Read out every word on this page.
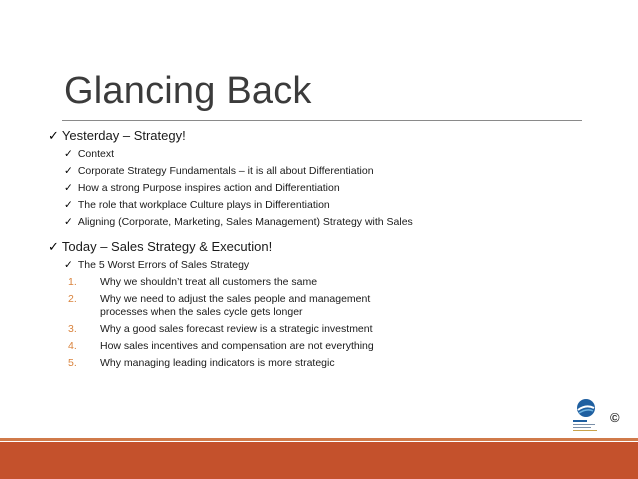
Glancing Back
✓ Yesterday – Strategy!
✓ Context
✓ Corporate Strategy Fundamentals – it is all about Differentiation
✓ How a strong Purpose inspires action and Differentiation
✓ The role that workplace Culture plays in Differentiation
✓ Aligning (Corporate, Marketing, Sales Management) Strategy with Sales
✓ Today – Sales Strategy & Execution!
✓ The 5 Worst Errors of Sales Strategy
1.	Why we shouldn’t treat all customers the same
2.	Why we need to adjust the sales people and management processes when the sales cycle gets longer
3.	Why a good sales forecast review is a strategic investment
4.	How sales incentives and compensation are not everything
5.	Why managing leading indicators is more strategic
©
